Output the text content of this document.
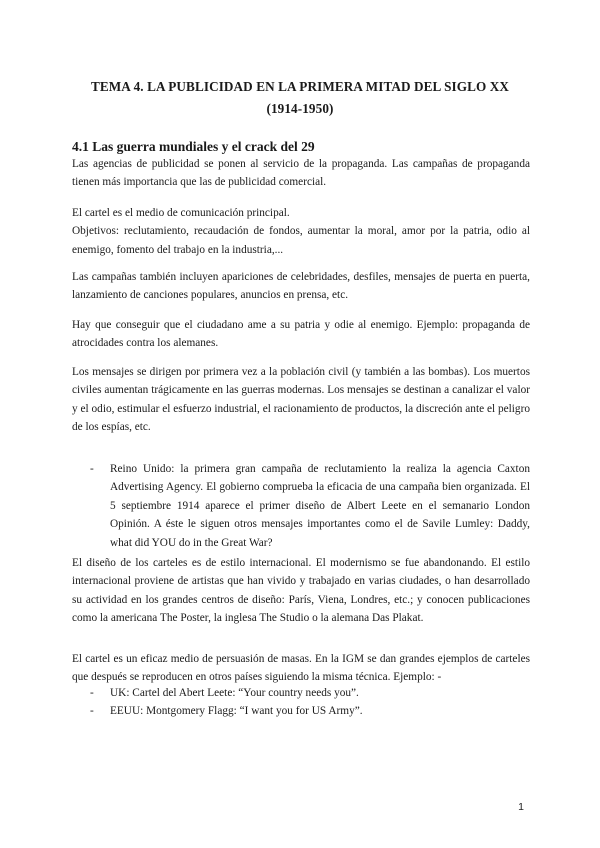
TEMA 4. LA PUBLICIDAD EN LA PRIMERA MITAD DEL SIGLO XX
(1914-1950)
4.1 Las guerra mundiales y el crack del 29

Las agencias de publicidad se ponen al servicio de la propaganda. Las campañas de propaganda tienen más importancia que las de publicidad comercial.

El cartel es el medio de comunicación principal.
Objetivos: reclutamiento, recaudación de fondos, aumentar la moral, amor por la patria, odio al enemigo, fomento del trabajo en la industria,...

Las campañas también incluyen apariciones de celebridades, desfiles, mensajes de puerta en puerta, lanzamiento de canciones populares, anuncios en prensa, etc.

Hay que conseguir que el ciudadano ame a su patria y odie al enemigo. Ejemplo: propaganda de atrocidades contra los alemanes.

Los mensajes se dirigen por primera vez a la población civil (y también a las bombas). Los muertos civiles aumentan trágicamente en las guerras modernas. Los mensajes se destinan a canalizar el valor y el odio, estimular el esfuerzo industrial, el racionamiento de productos, la discreción ante el peligro de los espías, etc.

- Reino Unido: la primera gran campaña de reclutamiento la realiza la agencia Caxton Advertising Agency. El gobierno comprueba la eficacia de una campaña bien organizada. El 5 septiembre 1914 aparece el primer diseño de Albert Leete en el semanario London Opinión. A éste le siguen otros mensajes importantes como el de Savile Lumley: Daddy, what did YOU do in the Great War?

El diseño de los carteles es de estilo internacional. El modernismo se fue abandonando. El estilo internacional proviene de artistas que han vivido y trabajado en varias ciudades, o han desarrollado su actividad en los grandes centros de diseño: París, Viena, Londres, etc.; y conocen publicaciones como la americana The Poster, la inglesa The Studio o la alemana Das Plakat.

El cartel es un eficaz medio de persuasión de masas. En la IGM se dan grandes ejemplos de carteles que después se reproducen en otros países siguiendo la misma técnica. Ejemplo: -

- UK: Cartel del Abert Leete: “Your country needs you”.
- EEUU: Montgomery Flagg: “I want you for US Army”.
1
